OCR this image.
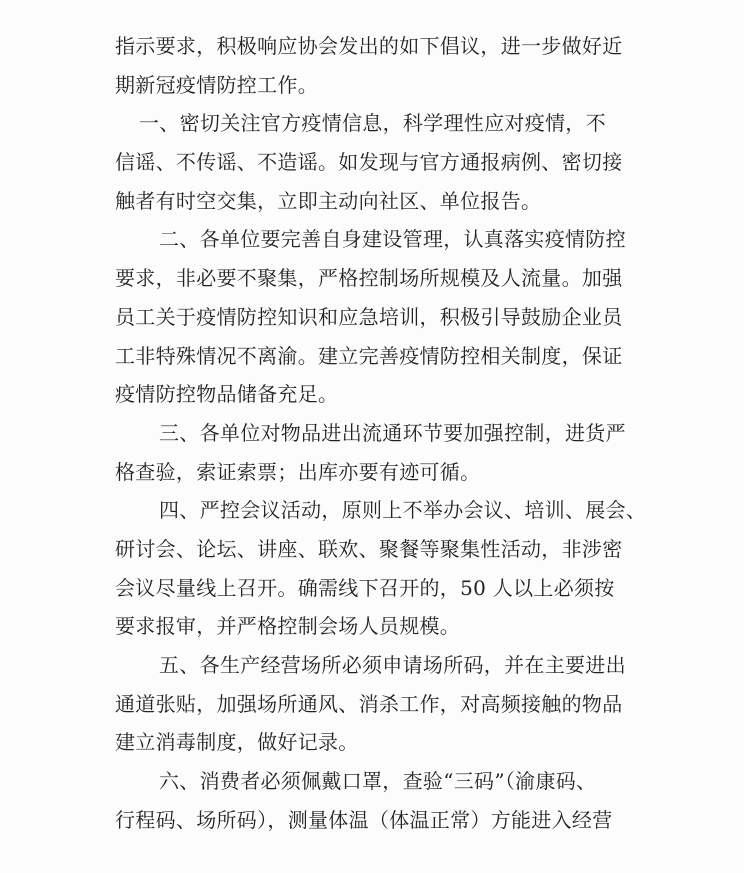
指示要求，积极响应协会发出的如下倡议，进一步做好近
期新冠疫情防控工作。
一、密切关注官方疫情信息，科学理性应对疫情，不
信谣、不传谣、不造谣。如发现与官方通报病例、密切接
触者有时空交集，立即主动向社区、单位报告。
二、各单位要完善自身建设管理，认真落实疫情防控
要求，非必要不聚集，严格控制场所规模及人流量。加强
员工关于疫情防控知识和应急培训，积极引导鼓励企业员
工非特殊情况不离渝。建立完善疫情防控相关制度，保证
疫情防控物品储备充足。
三、各单位对物品进出流通环节要加强控制，进货严
格查验，索证索票；出库亦要有迹可循。
四、严控会议活动，原则上不举办会议、培训、展会、
研讨会、论坛、讲座、联欢、聚餐等聚集性活动，非涉密
会议尽量线上召开。确需线下召开的，50 人以上必须按
要求报审，并严格控制会场人员规模。
五、各生产经营场所必须申请场所码，并在主要进出
通道张贴，加强场所通风、消杀工作，对高频接触的物品
建立消毒制度，做好记录。
六、消费者必须佩戴口罩，查验“三码”（渝康码、
行程码、场所码），测量体温（体温正常）方能进入经营
